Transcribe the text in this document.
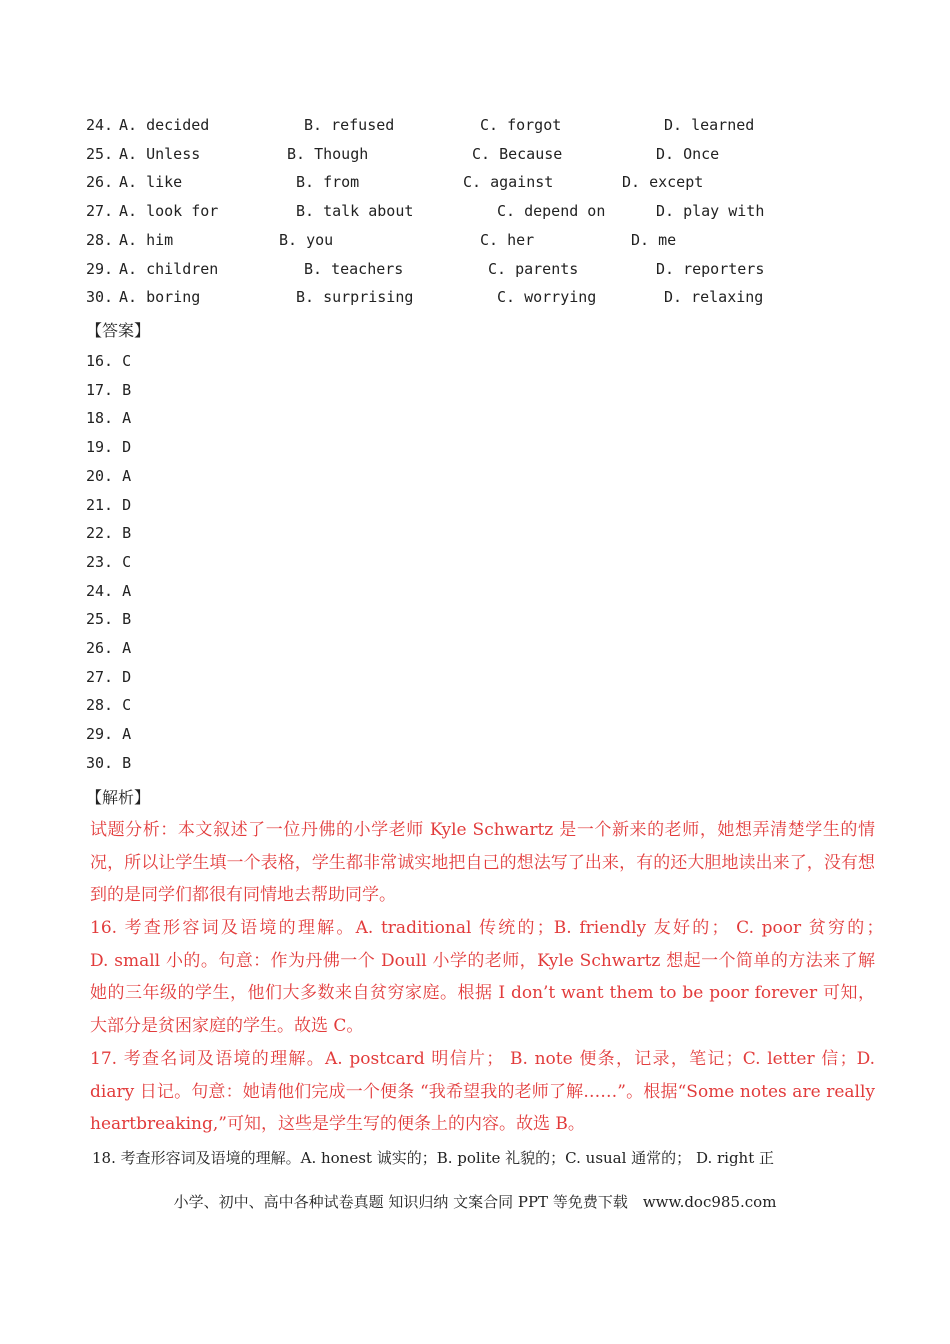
24. A. decided	B. refused	C. forgot	D. learned
25. A. Unless	B. Though	C. Because	D. Once
26. A. like	B. from	C. against	D. except
27. A. look for	B. talk about	C. depend on	D. play with
28. A. him	B. you	C. her	D. me
29. A. children	B. teachers	C. parents	D. reporters
30. A. boring	B. surprising	C. worrying	D. relaxing
【答案】
16. C
17. B
18. A
19. D
20. A
21. D
22. B
23. C
24. A
25. B
26. A
27. D
28. C
29. A
30. B
【解析】
试题分析：本文叙述了一位丹佛的小学老师 Kyle Schwartz 是一个新来的老师，她想弄清楚学生的情况，所以让学生填一个表格，学生都非常诚实地把自己的想法写了出来，有的还大胆地读出来了，没有想到的是同学们都很有同情地去帮助同学。
16. 考查形容词及语境的理解。A. traditional 传统的；B. friendly 友好的； C. poor 贫穷的；　　　　D. small 小的。句意：作为丹佛一个 Doull 小学的老师，Kyle Schwartz 想起一个简单的方法来了解她的三年级的学生，他们大多数来自贫穷家庭。根据 I don’t want them to be poor forever 可知，大部分是贫困家庭的学生。故选 C。
17. 考查名词及语境的理解。A. postcard 明信片； B. note 便条，记录，笔记；C. letter 信；D. diary 日记。句意：她请他们完成一个便条 “我希望我的老师了解……”。根据“Some notes are really heartbreaking,”可知，这些是学生写的便条上的内容。故选 B。
18. 考查形容词及语境的理解。A. honest 诚实的；B. polite 礼貌的；C. usual 通常的； D. right 正
小学、初中、高中各种试卷真题 知识归纳 文案合同 PPT 等免费下载　www.doc985.com
